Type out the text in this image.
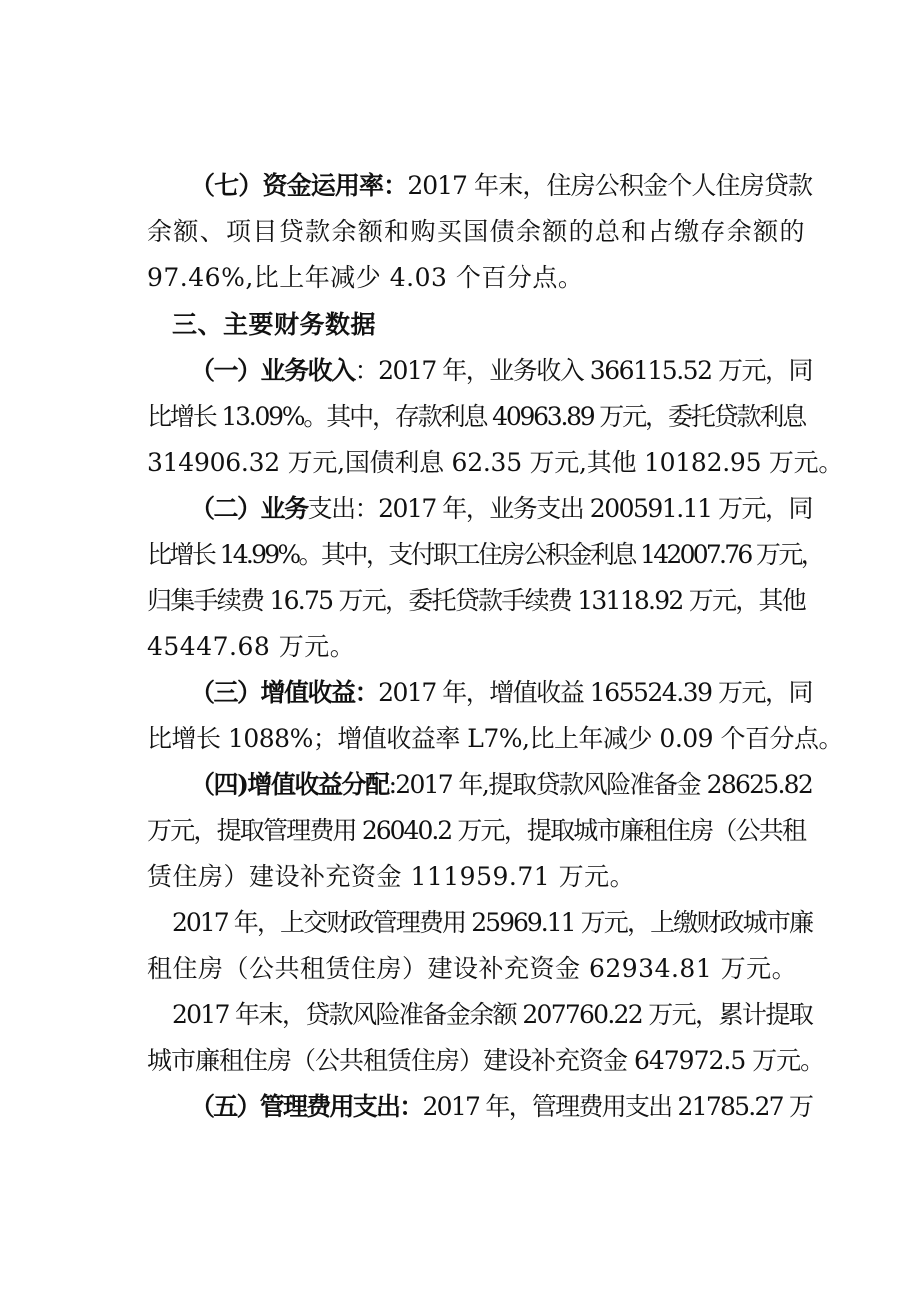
（七）资金运用率：2017 年末，住房公积金个人住房贷款
余额、项目贷款余额和购买国债余额的总和占缴存余额的
97.46%,比上年减少 4.03 个百分点。
三、主要财务数据
（一）业务收入：2017 年，业务收入 366115.52 万元，同
比增长 13.09%。其中，存款利息 40963.89 万元，委托贷款利息
314906.32 万元,国债利息 62.35 万元,其他 10182.95 万元。
（二）业务支出：2017 年，业务支出 200591.11 万元，同
比增长 14.99%。其中，支付职工住房公积金利息 142007.76 万元，
归集手续费 16.75 万元，委托贷款手续费 13118.92 万元，其他
45447.68 万元。
（三）增值收益：2017 年，增值收益 165524.39 万元，同
比增长 1088%；增值收益率 L7%,比上年减少 0.09 个百分点。
（四)增值收益分配:2017 年,提取贷款风险准备金 28625.82
万元，提取管理费用 26040.2 万元，提取城市廉租住房（公共租
赁住房）建设补充资金 111959.71 万元。
2017 年，上交财政管理费用 25969.11 万元，上缴财政城市廉
租住房（公共租赁住房）建设补充资金 62934.81 万元。
2017 年末，贷款风险准备金余额 207760.22 万元，累计提取
城市廉租住房（公共租赁住房）建设补充资金 647972.5 万元。
（五）管理费用支出：2017 年，管理费用支出 21785.27 万
